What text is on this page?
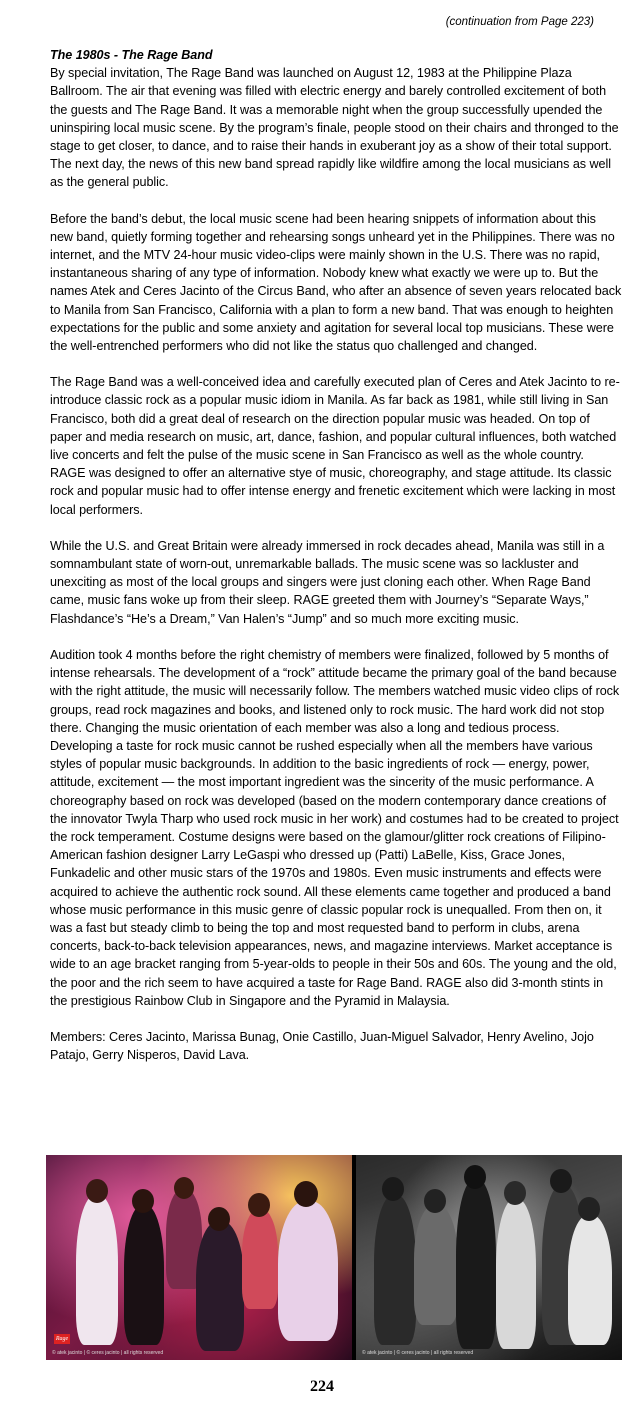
(continuation from Page 223)
The 1980s - The Rage Band

By special invitation, The Rage Band was launched on August 12, 1983 at the Philippine Plaza Ballroom. The air that evening was filled with electric energy and barely controlled excitement of both the guests and The Rage Band. It was a memorable night when the group successfully upended the uninspiring local music scene. By the program’s finale, people stood on their chairs and thronged to the stage to get closer, to dance, and to raise their hands in exuberant joy as a show of their total support. The next day, the news of this new band spread rapidly like wildfire among the local musicians as well as the general public.

Before the band’s debut, the local music scene had been hearing snippets of information about this new band, quietly forming together and rehearsing songs unheard yet in the Philippines. There was no internet, and the MTV 24-hour music video-clips were mainly shown in the U.S. There was no rapid, instantaneous sharing of any type of information. Nobody knew what exactly we were up to. But the names Atek and Ceres Jacinto of the Circus Band, who after an absence of seven years relocated back to Manila from San Francisco, California with a plan to form a new band. That was enough to heighten expectations for the public and some anxiety and agitation for several local top musicians. These were the well-entrenched performers who did not like the status quo challenged and changed.

The Rage Band was a well-conceived idea and carefully executed plan of Ceres and Atek Jacinto to re-introduce classic rock as a popular music idiom in Manila. As far back as 1981, while still living in San Francisco, both did a great deal of research on the direction popular music was headed. On top of paper and media research on music, art, dance, fashion, and popular cultural influences, both watched live concerts and felt the pulse of the music scene in San Francisco as well as the whole country. RAGE was designed to offer an alternative stye of music, choreography, and stage attitude. Its classic rock and popular music had to offer intense energy and frenetic excitement which were lacking in most local performers.

While the U.S. and Great Britain were already immersed in rock decades ahead, Manila was still in a somnambulant state of worn-out, unremarkable ballads. The music scene was so lackluster and unexciting as most of the local groups and singers were just cloning each other. When Rage Band came, music fans woke up from their sleep. RAGE greeted them with Journey’s “Separate Ways,” Flashdance’s “He’s a Dream,” Van Halen’s “Jump” and so much more exciting music.

Audition took 4 months before the right chemistry of members were finalized, followed by 5 months of intense rehearsals. The development of a “rock” attitude became the primary goal of the band because with the right attitude, the music will necessarily follow. The members watched music video clips of rock groups, read rock magazines and books, and listened only to rock music. The hard work did not stop there. Changing the music orientation of each member was also a long and tedious process. Developing a taste for rock music cannot be rushed especially when all the members have various styles of popular music backgrounds. In addition to the basic ingredients of rock — energy, power, attitude, excitement — the most important ingredient was the sincerity of the music performance. A choreography based on rock was developed (based on the modern contemporary dance creations of the innovator Twyla Tharp who used rock music in her work) and costumes had to be created to project the rock temperament. Costume designs were based on the glamour/glitter rock creations of Filipino-American fashion designer Larry LeGaspi who dressed up (Patti) LaBelle, Kiss, Grace Jones, Funkadelic and other music stars of the 1970s and 1980s. Even music instruments and effects were acquired to achieve the authentic rock sound. All these elements came together and produced a band whose music performance in this music genre of classic popular rock is unequalled. From then on, it was a fast but steady climb to being the top and most requested band to perform in clubs, arena concerts, back-to-back television appearances, news, and magazine interviews. Market acceptance is wide to an age bracket ranging from 5-year-olds to people in their 50s and 60s. The young and the old, the poor and the rich seem to have acquired a taste for Rage Band. RAGE also did 3-month stints in the prestigious Rainbow Club in Singapore and the Pyramid in Malaysia.

Members: Ceres Jacinto, Marissa Bunag, Onie Castillo, Juan-Miguel Salvador, Henry Avelino, Jojo Patajo, Gerry Nisperos, David Lava.

Rage
© atek jacinto | © ceres jacinto | all rights reserved	© atek jacinto | © ceres jacinto | all rights reserved
224
